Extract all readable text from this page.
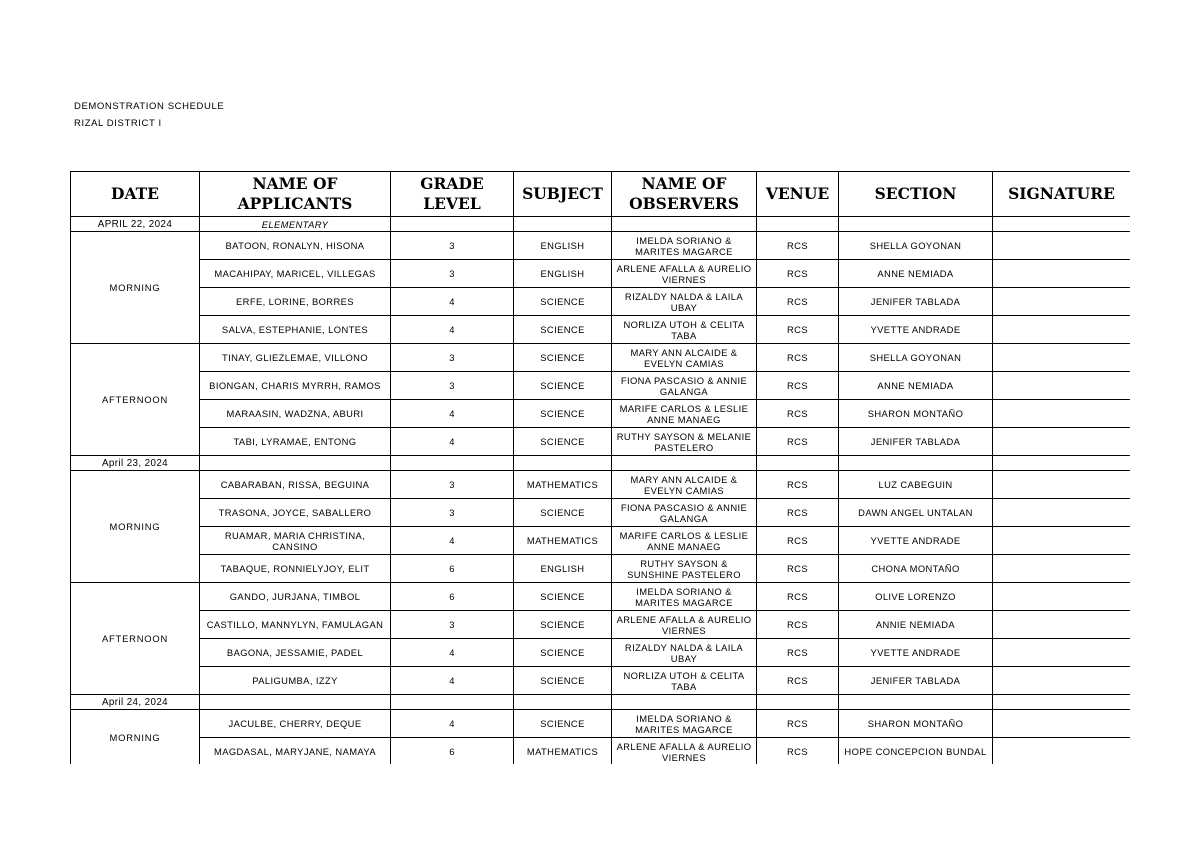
DEMONSTRATION SCHEDULE
RIZAL DISTRICT I
DATE	NAME OF APPLICANTS	GRADE LEVEL	SUBJECT	NAME OF OBSERVERS	VENUE	SECTION	SIGNATURE
APRIL 22, 2024	ELEMENTARY						
MORNING	BATOON, RONALYN, HISONA	3	ENGLISH	IMELDA SORIANO & MARITES MAGARCE	RCS	SHELLA GOYONAN	
	MACAHIPAY, MARICEL, VILLEGAS	3	ENGLISH	ARLENE AFALLA & AURELIO VIERNES	RCS	ANNE NEMIADA	
	ERFE, LORINE, BORRES	4	SCIENCE	RIZALDY NALDA & LAILA UBAY	RCS	JENIFER TABLADA	
	SALVA, ESTEPHANIE, LONTES	4	SCIENCE	NORLIZA UTOH & CELITA TABA	RCS	YVETTE ANDRADE	
AFTERNOON	TINAY, GLIEZLEMAE, VILLONO	3	SCIENCE	MARY ANN ALCAIDE & EVELYN CAMIAS	RCS	SHELLA GOYONAN	
	BIONGAN, CHARIS MYRRH, RAMOS	3	SCIENCE	FIONA PASCASIO & ANNIE GALANGA	RCS	ANNE NEMIADA	
	MARAASIN, WADZNA, ABURI	4	SCIENCE	MARIFE CARLOS & LESLIE ANNE MANAEG	RCS	SHARON MONTAÑO	
	TABI, LYRAMAE, ENTONG	4	SCIENCE	RUTHY SAYSON & MELANIE PASTELERO	RCS	JENIFER TABLADA	
April 23, 2024							
MORNING	CABARABAN, RISSA, BEGUINA	3	MATHEMATICS	MARY ANN ALCAIDE & EVELYN CAMIAS	RCS	LUZ CABEGUIN	
	TRASONA, JOYCE, SABALLERO	3	SCIENCE	FIONA PASCASIO & ANNIE GALANGA	RCS	DAWN ANGEL UNTALAN	
	RUAMAR, MARIA CHRISTINA, CANSINO	4	MATHEMATICS	MARIFE CARLOS & LESLIE ANNE MANAEG	RCS	YVETTE ANDRADE	
	TABAQUE, RONNIELYJOY, ELIT	6	ENGLISH	RUTHY SAYSON & SUNSHINE PASTELERO	RCS	CHONA MONTAÑO	
AFTERNOON	GANDO, JURJANA, TIMBOL	6	SCIENCE	IMELDA SORIANO & MARITES MAGARCE	RCS	OLIVE LORENZO	
	CASTILLO, MANNYLYN, FAMULAGAN	3	SCIENCE	ARLENE AFALLA & AURELIO VIERNES	RCS	ANNIE NEMIADA	
	BAGONA, JESSAMIE, PADEL	4	SCIENCE	RIZALDY NALDA & LAILA UBAY	RCS	YVETTE ANDRADE	
	PALIGUMBA, IZZY	4	SCIENCE	NORLIZA UTOH & CELITA TABA	RCS	JENIFER TABLADA	
April 24, 2024							
MORNING	JACULBE, CHERRY, DEQUE	4	SCIENCE	IMELDA SORIANO & MARITES MAGARCE	RCS	SHARON MONTAÑO	
	MAGDASAL, MARYJANE, NAMAYA	6	MATHEMATICS	ARLENE AFALLA & AURELIO VIERNES	RCS	HOPE CONCEPCION BUNDAL	
